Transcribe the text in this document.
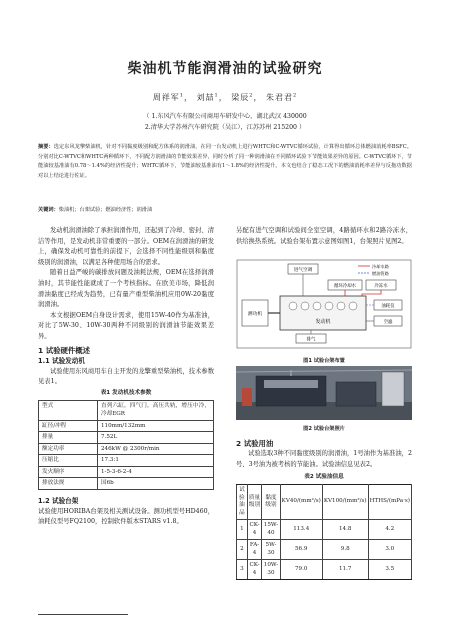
柴油机节能润滑油的试验研究
周祥军$^1$， 刘喆$^1$， 梁辰$^2$， 朱君君$^2$
（ 1.东风汽车有限公司商用车研发中心，湖北武汉 430000
2.清华大学苏州汽车研究院（吴江），江苏苏州 215200 ）
摘要：选定东风龙擎柴油机，针对不同黏度级别和配方体系的润滑油，在同一台发动机上进行WHTC和C-WTVC循环试验，计算得出循环总体燃油消耗率BSFC。分别对比C-WTVC和WHTC两种循环下，不同配方润滑油的节能效果差异，同时分析了同一种润滑油在不同循环试验下节能效果差异的原因。C-WTVC循环下，节能油较基准油有0.78～1.4%的经济性提升；WHTC循环下，节能油较基准油有1～1.8%的经济性提升。本文也结合了稳态工况下的燃油消耗率差异与反拖功数据对以上结论进行佐证。
关键词：柴油机；台架试验；燃油经济性；润滑油

发动机润滑油除了承担润滑作用，还起到了冷却、密封、清洁等作用，是发动机非常重要的一部分。OEM在润滑油的研发上，确保发动机可靠性的前提下，会选择不同性能级别和黏度级别的润滑油，以满足各种使用场合的需求。

随着日益严峻的碳排放问题及油耗法规，OEM在选择润滑油时，其节能性能就成了一个考核指标。在欧美市场，降低润滑油黏度已经成为趋势，已有量产重型柴油机应用0W-20黏度润滑油。

本文根据OEM自身设计需求，使用15W-40作为基准油，对比了5W-30、10W-30两种不同级别的润滑油节能效果差异。

1 试验硬件概述
1.1 试验发动机

试验使用东风商用车自主开发的龙擎重型柴油机，技术参数见表1。

表1 发动机技术参数
型式	直列六缸，四气门，高压共轨，增压中冷，冷却EGR
缸径/冲程	110mm/132mm
排量	7.52L
额定功率	246kW @ 2300r/min
压缩比	17.3:1
发火顺序	1-5-3-6-2-4
排放法规	国6b
1.2 试验台架

试验使用HORIBA台架及相关测试设备。测功机型号HD460，油耗仪型号FQ2100，控制软件版本STARS v1.8。

另配有进气空调和试验间全室空调，4路循环水和2路冷冻水，供给换热系统。试验台架布置示意图如图1，台架照片见图2。

进气空调
冷却水路
燃油管路
循环冷却水	冷冻水
测功机
发动机
油耗仪
空滤
排气
图1 试验台架布置
图2 试验台架照片
2 试验用油

试验选取3种不同黏度级别的润滑油，1号油作为基准油，2号、3号油为被考核的节能油。试验油信息见表2。

表2 试验油信息
试验油品	质量级别	黏度级别	KV40/(mm²/s)	KV100/(mm²/s)	HTHS/(mPa·s)
1	CK-4	15W-40	113.4	14.8	4.2
2	FA-4	5W-30	56.9	9.8	3.0
3	CK-4	10W-30	79.0	11.7	3.5
